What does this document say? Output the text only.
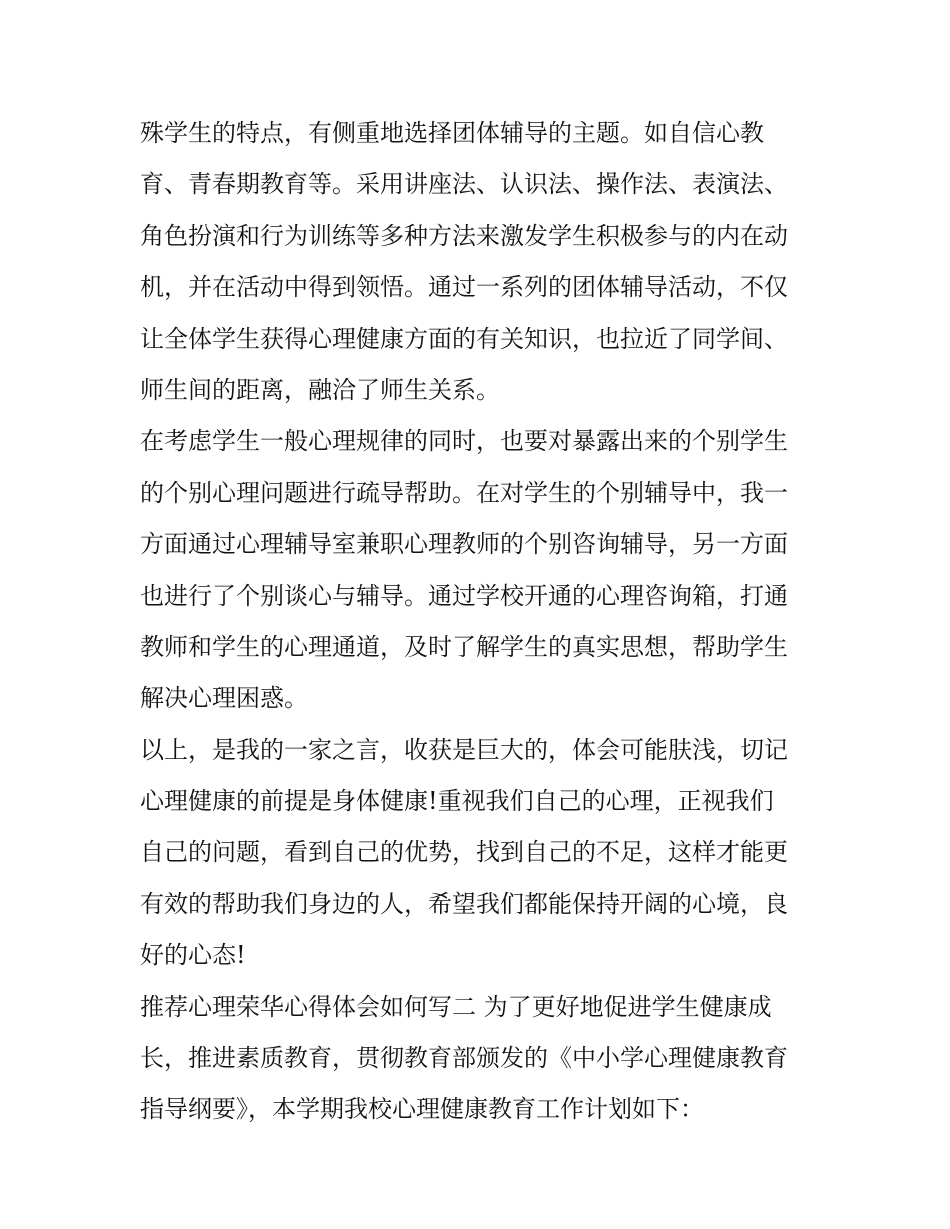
殊学生的特点，有侧重地选择团体辅导的主题。如自信心教
育、青春期教育等。采用讲座法、认识法、操作法、表演法、
角色扮演和行为训练等多种方法来激发学生积极参与的内在动
机，并在活动中得到领悟。通过一系列的团体辅导活动，不仅
让全体学生获得心理健康方面的有关知识，也拉近了同学间、
师生间的距离，融洽了师生关系。
在考虑学生一般心理规律的同时，也要对暴露出来的个别学生
的个别心理问题进行疏导帮助。在对学生的个别辅导中，我一
方面通过心理辅导室兼职心理教师的个别咨询辅导，另一方面
也进行了个别谈心与辅导。通过学校开通的心理咨询箱，打通
教师和学生的心理通道，及时了解学生的真实思想，帮助学生
解决心理困惑。
以上，是我的一家之言，收获是巨大的，体会可能肤浅，切记
心理健康的前提是身体健康!重视我们自己的心理，正视我们
自己的问题，看到自己的优势，找到自己的不足，这样才能更
有效的帮助我们身边的人，希望我们都能保持开阔的心境，良
好的心态!
推荐心理荣华心得体会如何写二 为了更好地促进学生健康成
长，推进素质教育，贯彻教育部颁发的《中小学心理健康教育
指导纲要》，本学期我校心理健康教育工作计划如下：
